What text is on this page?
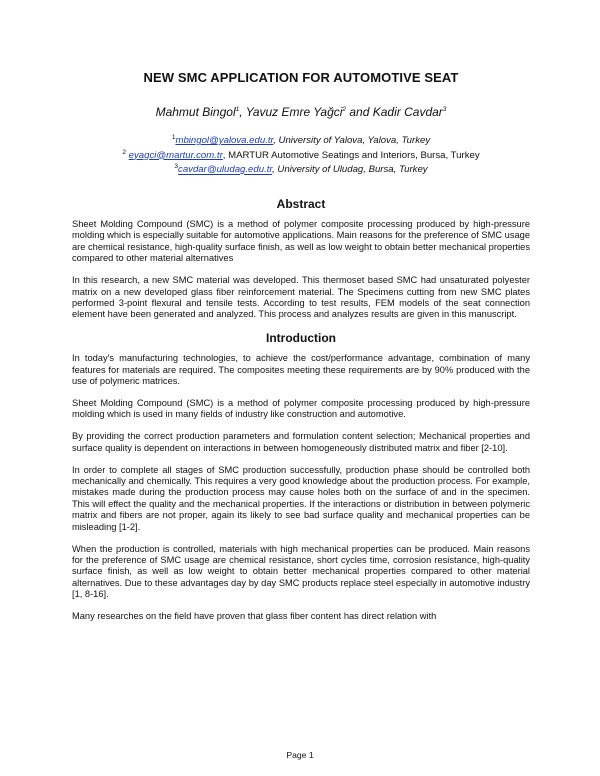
NEW SMC APPLICATION FOR AUTOMOTIVE SEAT

Mahmut Bingol$^1$, Yavuz Emre Yağci$^2$ and Kadir Cavdar$^3$

$^1$mbingol@yalova.edu.tr, University of Yalova, Yalova, Turkey
$^2$ eyagci@martur.com.tr, MARTUR Automotive Seatings and Interiors, Bursa, Turkey
$^3$cavdar@uludag.edu.tr, University of Uludag, Bursa, Turkey
Abstract

Sheet Molding Compound (SMC) is a method of polymer composite processing produced by high-pressure molding which is especially suitable for automotive applications. Main reasons for the preference of SMC usage are chemical resistance, high-quality surface finish, as well as low weight to obtain better mechanical properties compared to other material alternatives

In this research, a new SMC material was developed. This thermoset based SMC had unsaturated polyester matrix on a new developed glass fiber reinforcement material. The Specimens cutting from new SMC plates performed 3-point flexural and tensile tests. According to test results, FEM models of the seat connection element have been generated and analyzed. This process and analyzes results are given in this manuscript.

Introduction

In today's manufacturing technologies, to achieve the cost/performance advantage, combination of many features for materials are required. The composites meeting these requirements are by 90% produced with the use of polymeric matrices.

Sheet Molding Compound (SMC) is a method of polymer composite processing produced by high-pressure molding which is used in many fields of industry like construction and automotive.

By providing the correct production parameters and formulation content selection; Mechanical properties and surface quality is dependent on interactions in between homogeneously distributed matrix and fiber [2-10].

In order to complete all stages of SMC production successfully, production phase should be controlled both mechanically and chemically. This requires a very good knowledge about the production process. For example, mistakes made during the production process may cause holes both on the surface of and in the specimen. This will effect the quality and the mechanical properties. If the interactions or distribution in between polymeric matrix and fibers are not proper, again its likely to see bad surface quality and mechanical properties can be misleading [1-2].

When the production is controlled, materials with high mechanical properties can be produced. Main reasons for the preference of SMC usage are chemical resistance, short cycles time, corrosion resistance, high-quality surface finish, as well as low weight to obtain better mechanical properties compared to other material alternatives. Due to these advantages day by day SMC products replace steel especially in automotive industry [1, 8-16].

Many researches on the field have proven that glass fiber content has direct relation with

Page 1
